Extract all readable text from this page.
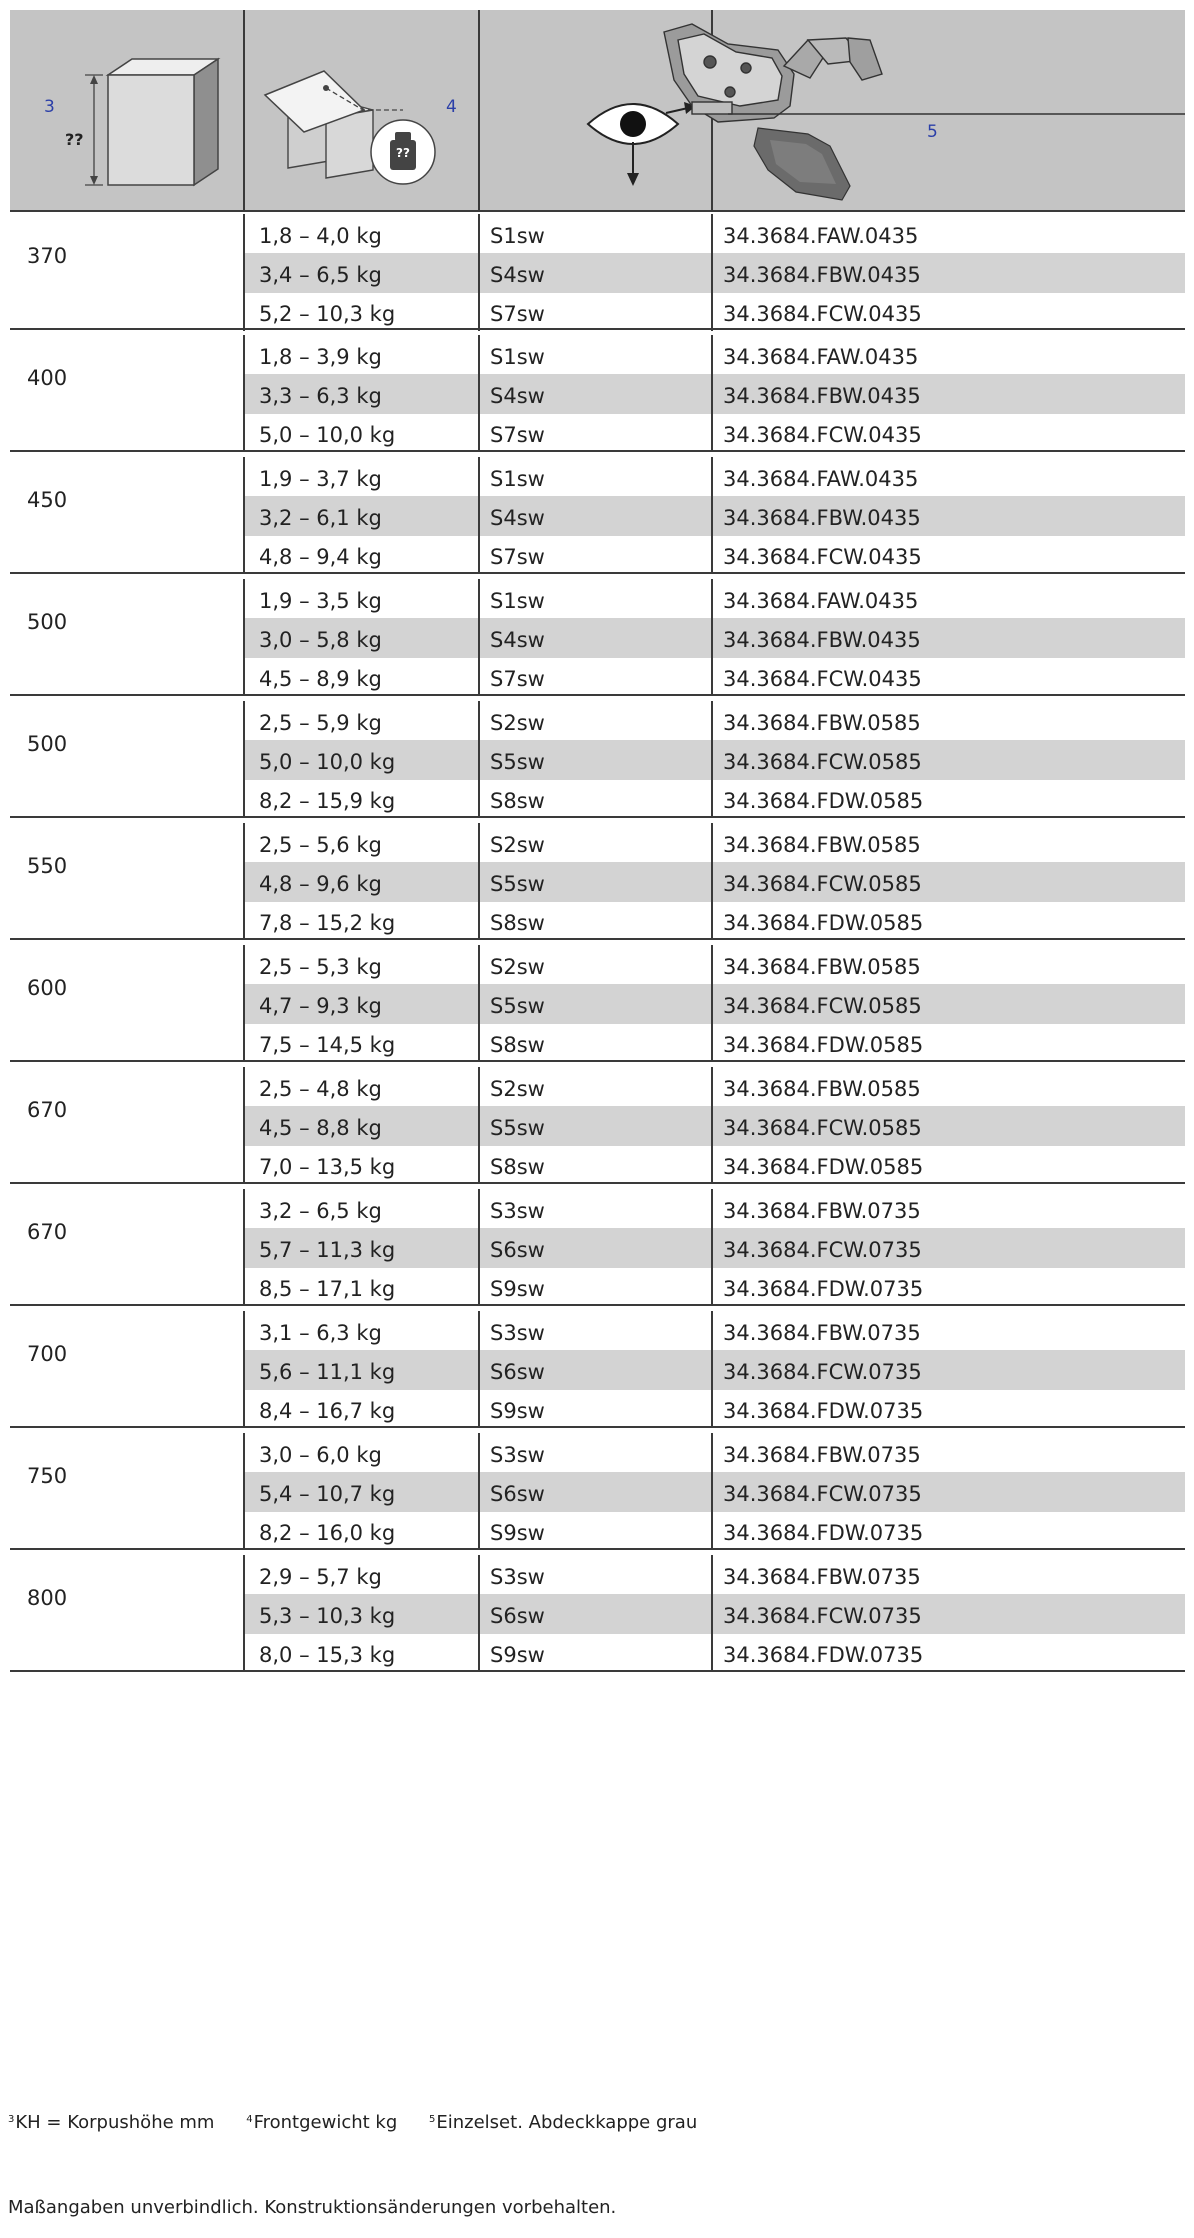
3
??
4
??
5
370
1,8 – 4,0 kg	S1sw	34.3684.FAW.0435
3,4 – 6,5 kg	S4sw	34.3684.FBW.0435
5,2 – 10,3 kg	S7sw	34.3684.FCW.0435
400
1,8 – 3,9 kg	S1sw	34.3684.FAW.0435
3,3 – 6,3 kg	S4sw	34.3684.FBW.0435
5,0 – 10,0 kg	S7sw	34.3684.FCW.0435
450
1,9 – 3,7 kg	S1sw	34.3684.FAW.0435
3,2 – 6,1 kg	S4sw	34.3684.FBW.0435
4,8 – 9,4 kg	S7sw	34.3684.FCW.0435
500
1,9 – 3,5 kg	S1sw	34.3684.FAW.0435
3,0 – 5,8 kg	S4sw	34.3684.FBW.0435
4,5 – 8,9 kg	S7sw	34.3684.FCW.0435
500
2,5 – 5,9 kg	S2sw	34.3684.FBW.0585
5,0 – 10,0 kg	S5sw	34.3684.FCW.0585
8,2 – 15,9 kg	S8sw	34.3684.FDW.0585
550
2,5 – 5,6 kg	S2sw	34.3684.FBW.0585
4,8 – 9,6 kg	S5sw	34.3684.FCW.0585
7,8 – 15,2 kg	S8sw	34.3684.FDW.0585
600
2,5 – 5,3 kg	S2sw	34.3684.FBW.0585
4,7 – 9,3 kg	S5sw	34.3684.FCW.0585
7,5 – 14,5 kg	S8sw	34.3684.FDW.0585
670
2,5 – 4,8 kg	S2sw	34.3684.FBW.0585
4,5 – 8,8 kg	S5sw	34.3684.FCW.0585
7,0 – 13,5 kg	S8sw	34.3684.FDW.0585
670
3,2 – 6,5 kg	S3sw	34.3684.FBW.0735
5,7 – 11,3 kg	S6sw	34.3684.FCW.0735
8,5 – 17,1 kg	S9sw	34.3684.FDW.0735
700
3,1 – 6,3 kg	S3sw	34.3684.FBW.0735
5,6 – 11,1 kg	S6sw	34.3684.FCW.0735
8,4 – 16,7 kg	S9sw	34.3684.FDW.0735
750
3,0 – 6,0 kg	S3sw	34.3684.FBW.0735
5,4 – 10,7 kg	S6sw	34.3684.FCW.0735
8,2 – 16,0 kg	S9sw	34.3684.FDW.0735
800
2,9 – 5,7 kg	S3sw	34.3684.FBW.0735
5,3 – 10,3 kg	S6sw	34.3684.FCW.0735
8,0 – 15,3 kg	S9sw	34.3684.FDW.0735
$^3$KH = Korpushöhe mm	$^4$Frontgewicht kg	$^5$Einzelset. Abdeckkappe grau
Maßangaben unverbindlich. Konstruktionsänderungen vorbehalten.
